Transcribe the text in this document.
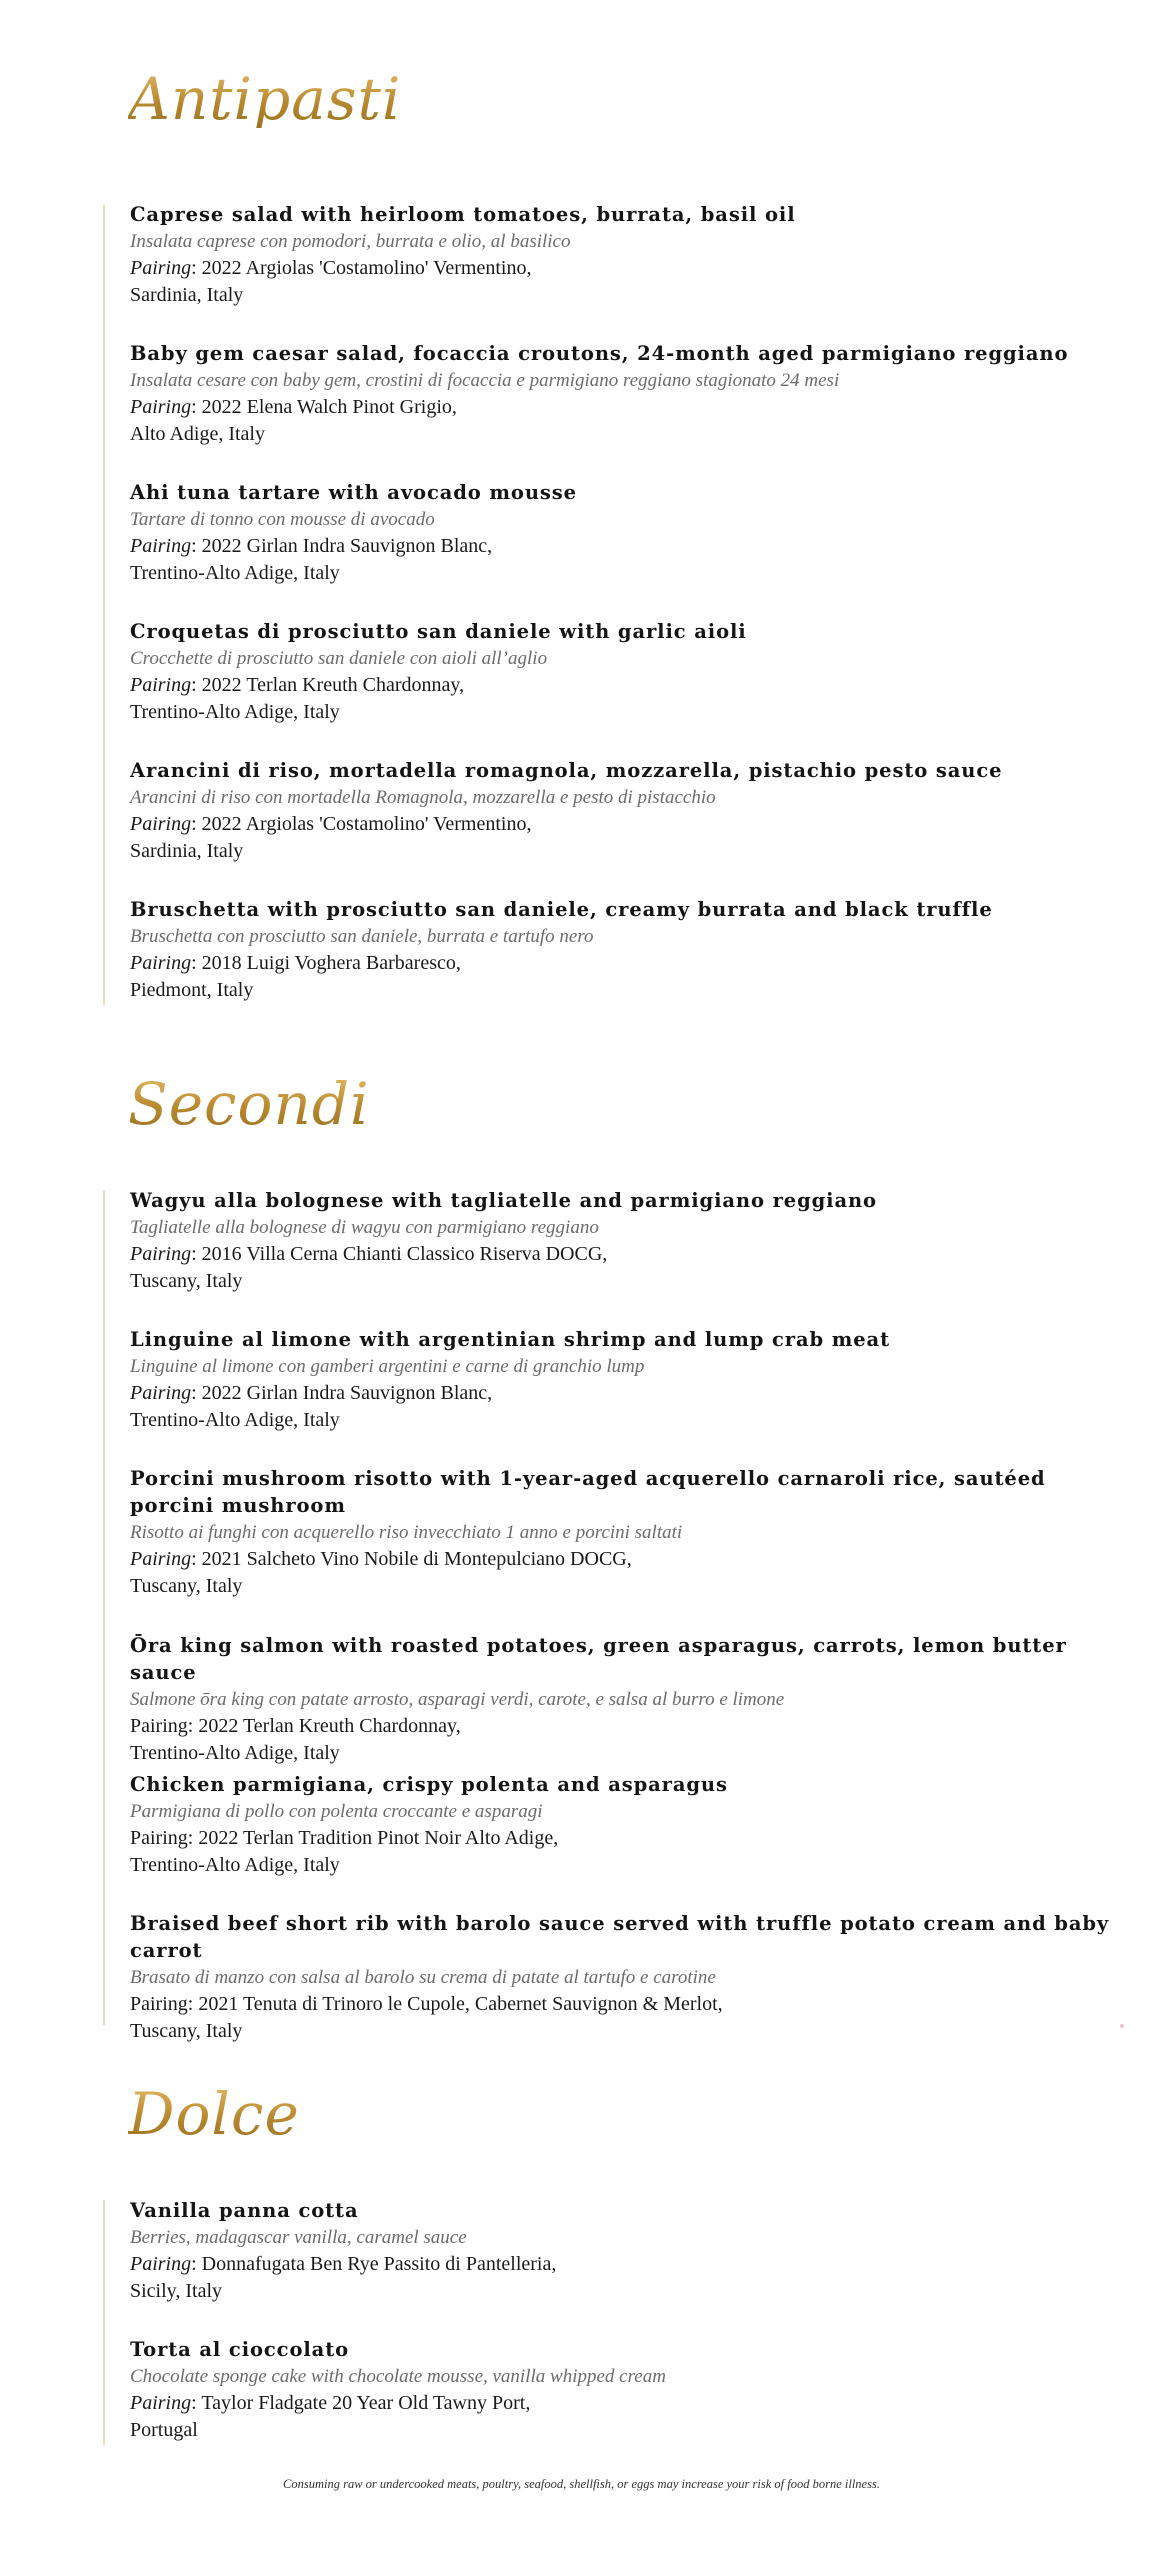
Antipasti
Caprese salad with heirloom tomatoes, burrata, basil oil
Insalata caprese con pomodori, burrata e olio, al basilico
Pairing: 2022 Argiolas 'Costamolino' Vermentino,
Sardinia, Italy
Baby gem caesar salad, focaccia croutons, 24-month aged parmigiano reggiano
Insalata cesare con baby gem, crostini di focaccia e parmigiano reggiano stagionato 24 mesi
Pairing: 2022 Elena Walch Pinot Grigio,
Alto Adige, Italy
Ahi tuna tartare with avocado mousse
Tartare di tonno con mousse di avocado
Pairing: 2022 Girlan Indra Sauvignon Blanc,
Trentino-Alto Adige, Italy
Croquetas di prosciutto san daniele with garlic aioli
Crocchette di prosciutto san daniele con aioli all’aglio
Pairing: 2022 Terlan Kreuth Chardonnay,
Trentino-Alto Adige, Italy
Arancini di riso, mortadella romagnola, mozzarella, pistachio pesto sauce
Arancini di riso con mortadella Romagnola, mozzarella e pesto di pistacchio
Pairing: 2022 Argiolas 'Costamolino' Vermentino,
Sardinia, Italy
Bruschetta with prosciutto san daniele, creamy burrata and black truffle
Bruschetta con prosciutto san daniele, burrata e tartufo nero
Pairing: 2018 Luigi Voghera Barbaresco,
Piedmont, Italy
Secondi
Wagyu alla bolognese with tagliatelle and parmigiano reggiano
Tagliatelle alla bolognese di wagyu con parmigiano reggiano
Pairing: 2016 Villa Cerna Chianti Classico Riserva DOCG,
Tuscany, Italy
Linguine al limone with argentinian shrimp and lump crab meat
Linguine al limone con gamberi argentini e carne di granchio lump
Pairing: 2022 Girlan Indra Sauvignon Blanc,
Trentino-Alto Adige, Italy
Porcini mushroom risotto with 1-year-aged acquerello carnaroli rice, sautéed porcini mushroom
Risotto ai funghi con acquerello riso invecchiato 1 anno e porcini saltati
Pairing: 2021 Salcheto Vino Nobile di Montepulciano DOCG,
Tuscany, Italy
Ōra king salmon with roasted potatoes, green asparagus, carrots, lemon butter sauce
Salmone ōra king con patate arrosto, asparagi verdi, carote, e salsa al burro e limone
Pairing: 2022 Terlan Kreuth Chardonnay,
Trentino-Alto Adige, Italy
Chicken parmigiana, crispy polenta and asparagus
Parmigiana di pollo con polenta croccante e asparagi
Pairing: 2022 Terlan Tradition Pinot Noir Alto Adige,
Trentino-Alto Adige, Italy
Braised beef short rib with barolo sauce served with truffle potato cream and baby carrot
Brasato di manzo con salsa al barolo su crema di patate al tartufo e carotine
Pairing: 2021 Tenuta di Trinoro le Cupole, Cabernet Sauvignon & Merlot,
Tuscany, Italy
Dolce
Vanilla panna cotta
Berries, madagascar vanilla, caramel sauce
Pairing: Donnafugata Ben Rye Passito di Pantelleria,
Sicily, Italy
Torta al cioccolato
Chocolate sponge cake with chocolate mousse, vanilla whipped cream
Pairing: Taylor Fladgate 20 Year Old Tawny Port,
Portugal
Consuming raw or undercooked meats, poultry, seafood, shellfish, or eggs may increase your risk of food borne illness.
